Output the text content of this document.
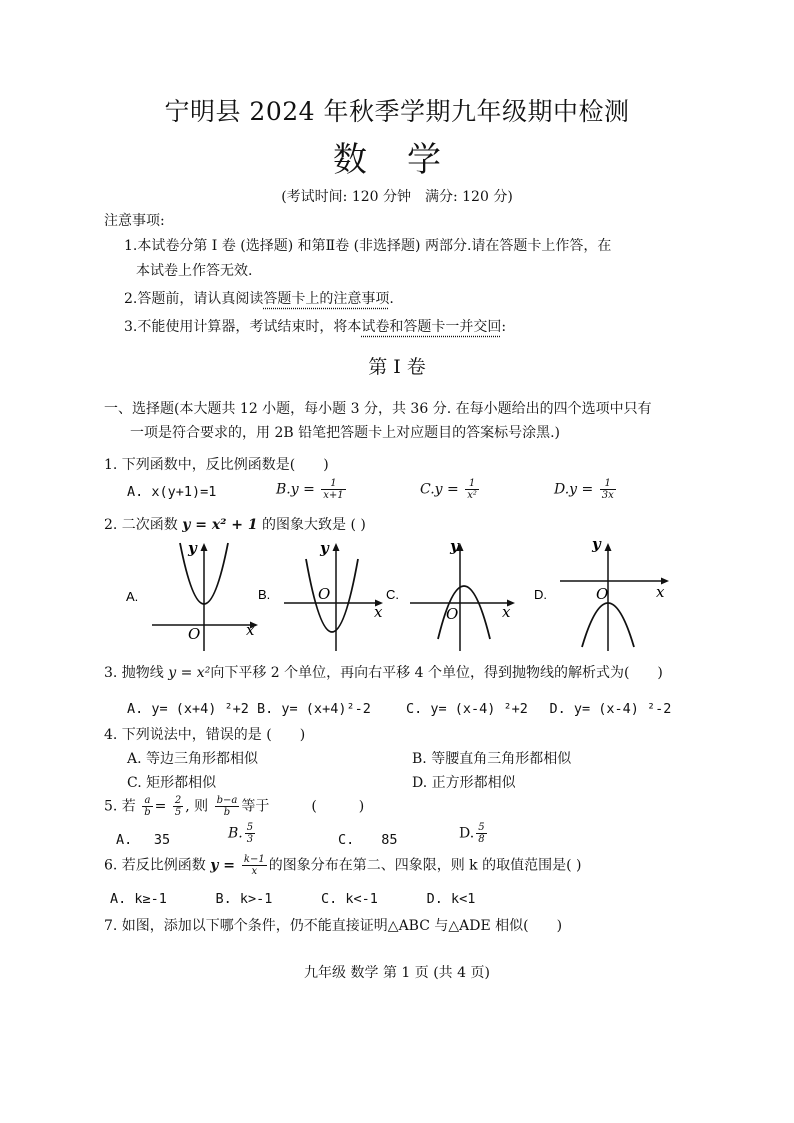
宁明县 2024 年秋季学期九年级期中检测
数学
(考试时间: 120 分钟　满分: 120 分)
注意事项:
1.本试卷分第 I 卷 (选择题) 和第Ⅱ卷 (非选择题) 两部分.请在答题卡上作答，在
本试卷上作答无效.
2.答题前，请认真阅读答题卡上的注意事项.
3.不能使用计算器，考试结束时，将本试卷和答题卡一并交回:
第 I 卷
一、选择题(本大题共 12 小题，每小题 3 分，共 36 分. 在每小题给出的四个选项中只有
一项是符合要求的，用 2B 铅笔把答题卡上对应题目的答案标号涂黑.)
1. 下列函数中，反比例函数是(　　)
A. x(y+1)=1	$B.y = \frac{1}{x+1}$	$C.y = \frac{1}{\text{x²}}$	$D.y = \frac{1}{3x}$
2. 二次函数 y = x² + 1 的图象大致是 ( )
y
x
O
A.
y
x
O
B.
y
x
O
C.
y
x
O
D.
3. 抛物线 y = x²向下平移 2 个单位，再向右平移 4 个单位，得到抛物线的解析式为(　　)
A. y= (x+4) ²+2 B. y= (x+4)²-2　　 C. y= (x-4) ²+2　 D. y= (x-4) ²-2
4. 下列说法中，错误的是 (　　)
A. 等边三角形都相似	B. 等腰直角三角形都相似
C. 矩形都相似	D. 正方形都相似
5. 若 $\frac{a}{b} = \frac{2}{5}$ , 则 $\frac{b-a}{b}$ 等于　　　(　　　)
A.　 35	B. $\frac{5}{3}$	C.　　85	D. $\frac{5}{8}$
6. 若反比例函数 $y = \frac{k-1}{x}$ 的图象分布在第二、四象限，则 k 的取值范围是( )
A. k≥-1　　　 B. k>-1　　　 C. k<-1　　　 D. k<1
7. 如图，添加以下哪个条件，仍不能直接证明△ABC 与△ADE 相似(　　)
九年级 数学 第 1 页 (共 4 页)
